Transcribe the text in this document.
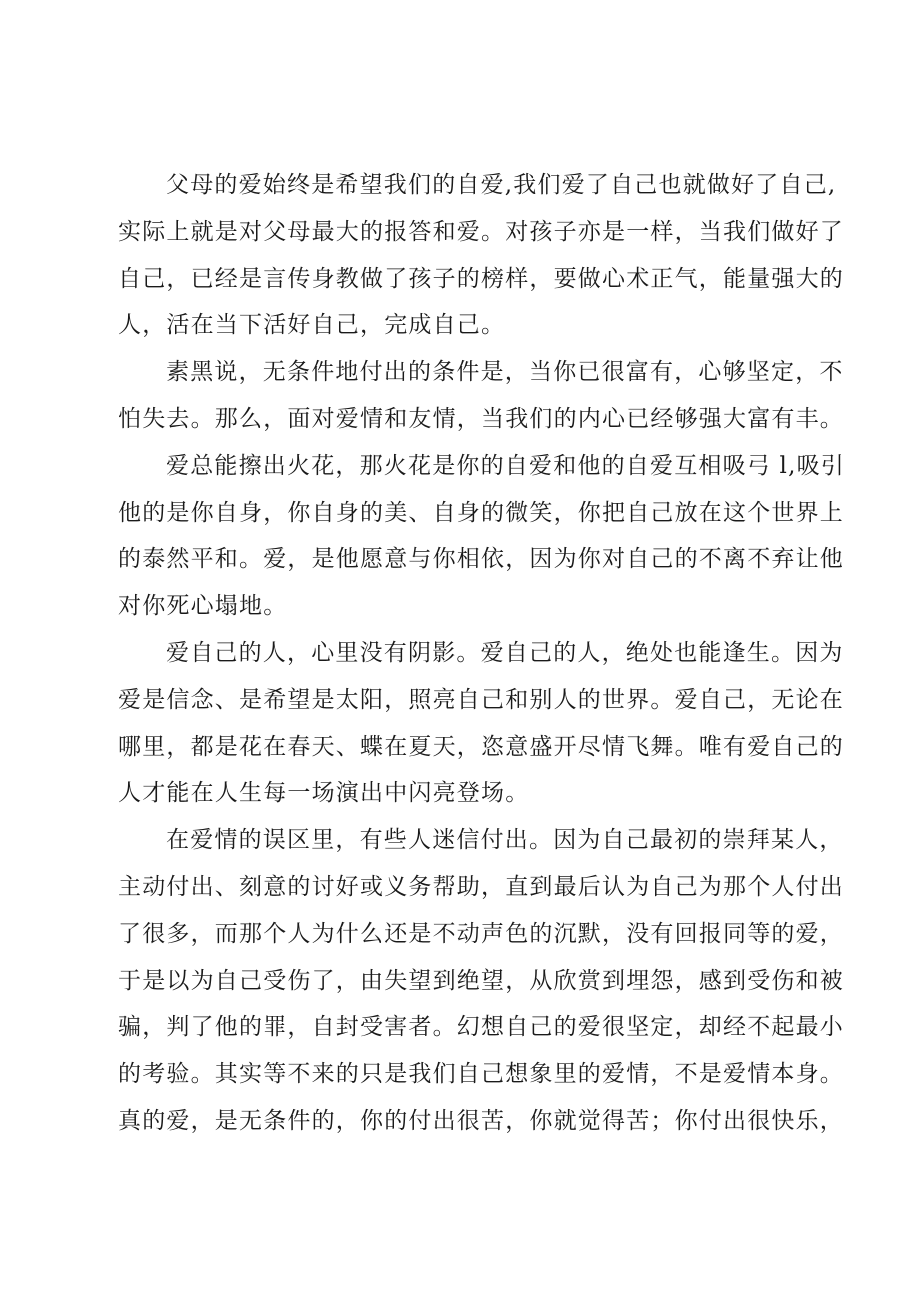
父母的爱始终是希望我们的自爱,我们爱了自己也就做好了自己,
实际上就是对父母最大的报答和爱。对孩子亦是一样，当我们做好了
自己，已经是言传身教做了孩子的榜样，要做心术正气，能量强大的
人，活在当下活好自己，完成自己。
素黑说，无条件地付出的条件是，当你已很富有，心够坚定，不
怕失去。那么，面对爱情和友情，当我们的内心已经够强大富有丰。
爱总能擦出火花，那火花是你的自爱和他的自爱互相吸弓 l,吸引
他的是你自身，你自身的美、自身的微笑，你把自己放在这个世界上
的泰然平和。爱，是他愿意与你相依，因为你对自己的不离不弃让他
对你死心塌地。
爱自己的人，心里没有阴影。爱自己的人，绝处也能逢生。因为
爱是信念、是希望是太阳，照亮自己和别人的世界。爱自己，无论在
哪里，都是花在春天、蝶在夏天，恣意盛开尽情飞舞。唯有爱自己的
人才能在人生每一场演出中闪亮登场。
在爱情的误区里，有些人迷信付出。因为自己最初的崇拜某人，
主动付出、刻意的讨好或义务帮助，直到最后认为自己为那个人付出
了很多，而那个人为什么还是不动声色的沉默，没有回报同等的爱，
于是以为自己受伤了，由失望到绝望，从欣赏到埋怨，感到受伤和被
骗，判了他的罪，自封受害者。幻想自己的爱很坚定，却经不起最小
的考验。其实等不来的只是我们自己想象里的爱情，不是爱情本身。
真的爱，是无条件的，你的付出很苦，你就觉得苦；你付出很快乐，
